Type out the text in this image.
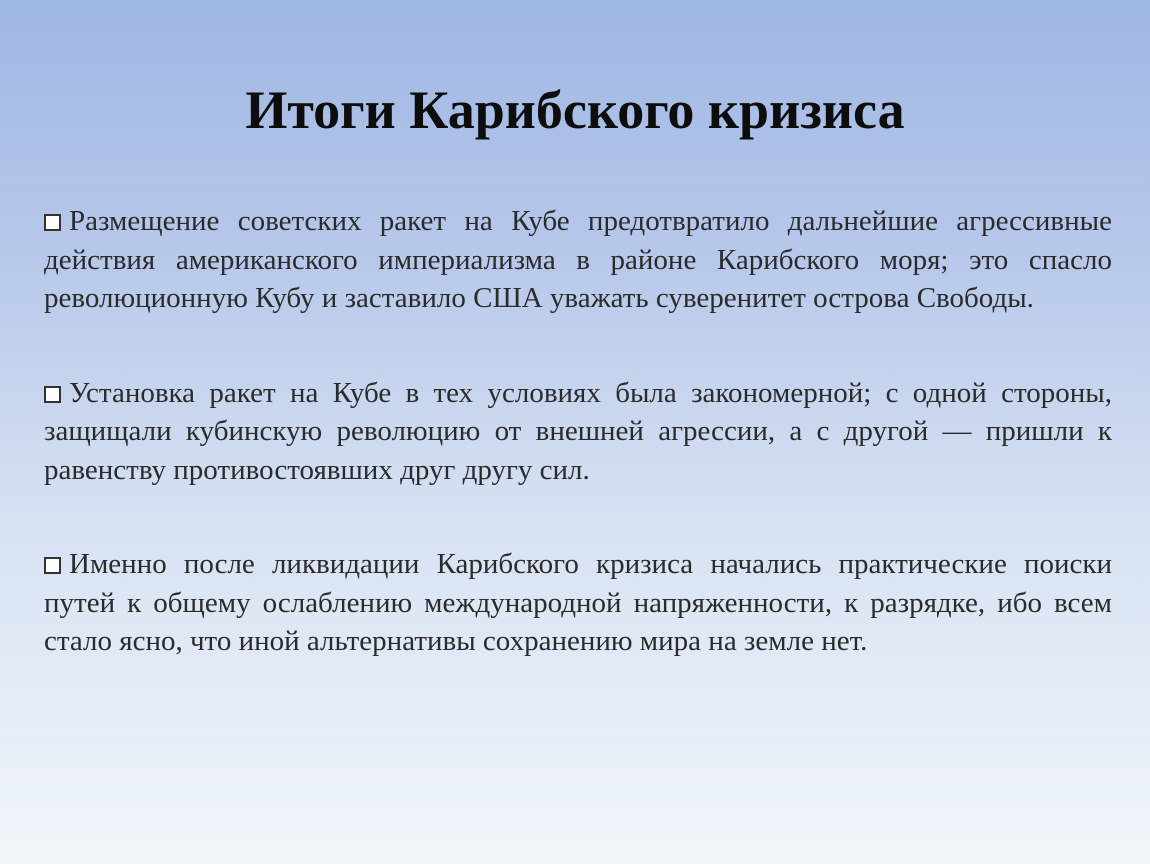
Итоги Карибского кризиса
Размещение советских ракет на Кубе предотвратило дальнейшие агрессивные действия американского империализма в районе Карибского моря; это спасло революционную Кубу и заставило США уважать суверенитет острова Свободы.
Установка ракет на Кубе в тех условиях была закономерной; с одной стороны, защищали кубинскую революцию от внешней агрессии, а с другой — пришли к равенству противостоявших друг другу сил.
Именно после ликвидации Карибского кризиса начались практические поиски путей к общему ослаблению международной напряженности, к разрядке, ибо всем стало ясно, что иной альтернативы сохранению мира на земле нет.
